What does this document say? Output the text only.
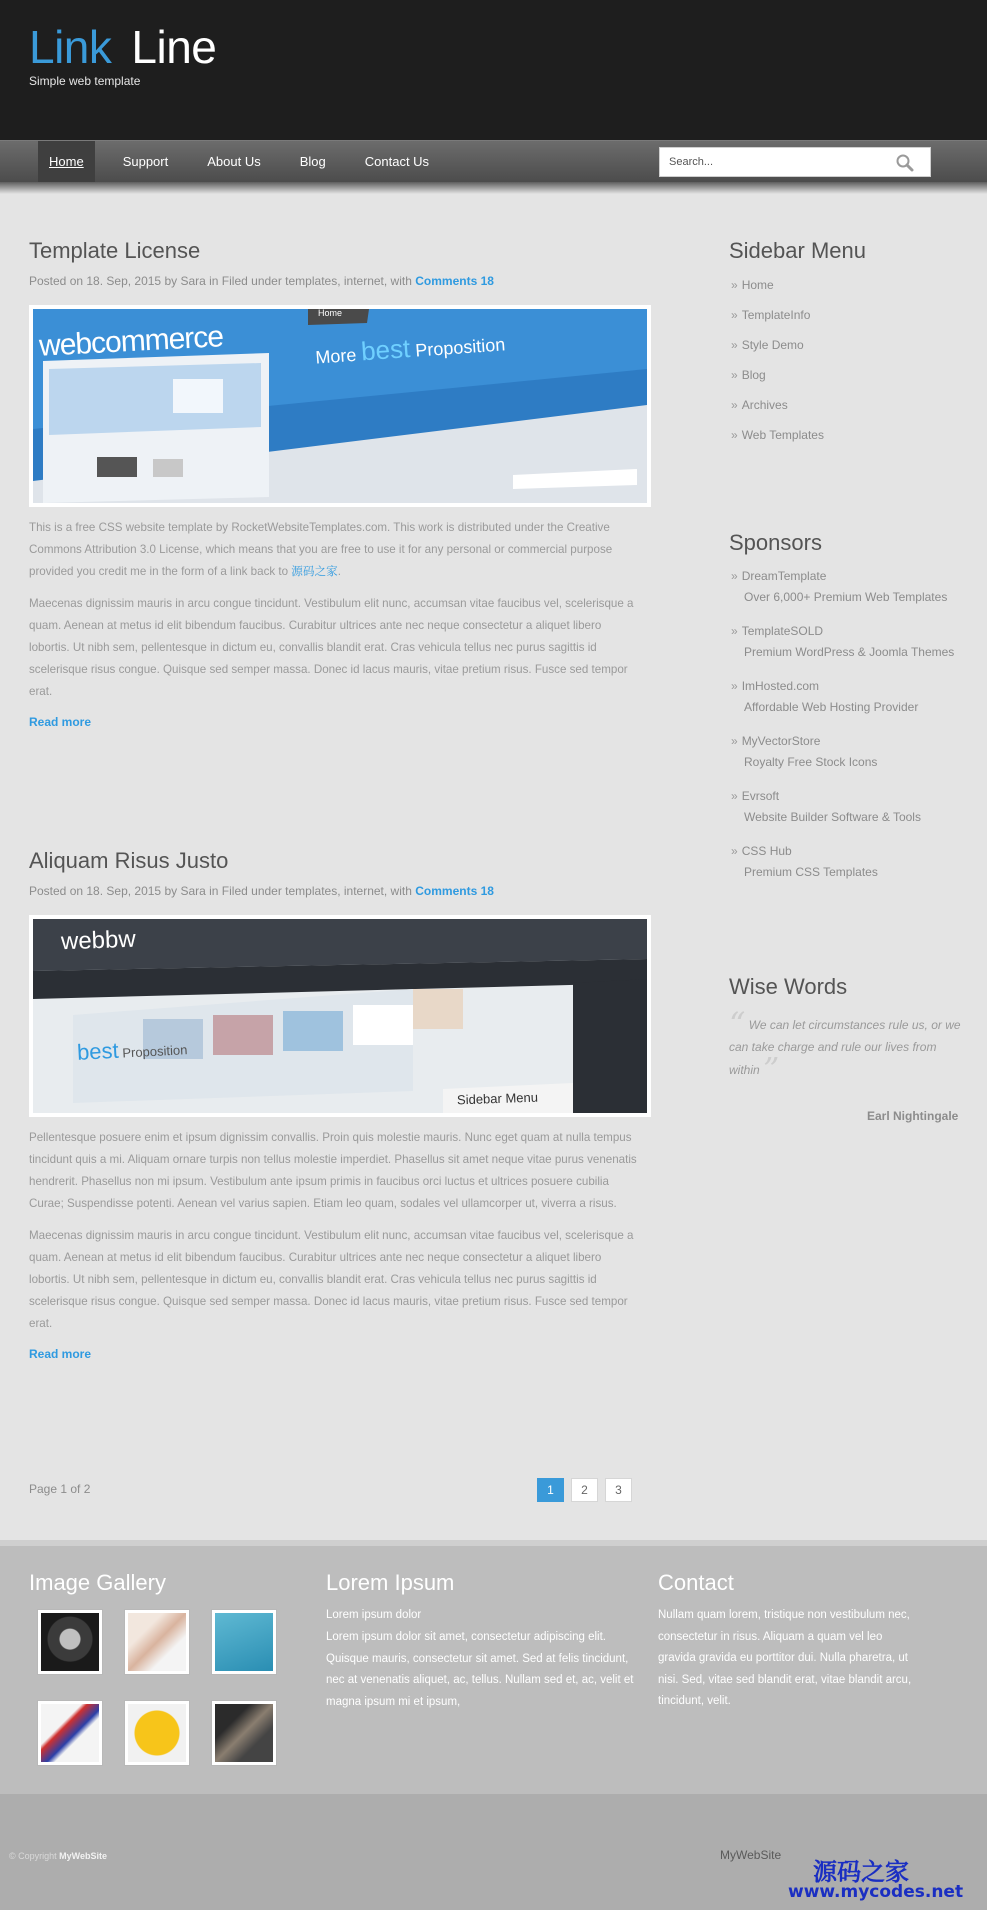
Link Line
Simple web template
Home	Support	About Us	Blog	Contact Us
Search...
Template License
Posted on 18. Sep, 2015 by Sara in Filed under templates, internet, with Comments 18
webcommerce
Home
More best Proposition
This is a free CSS website template by RocketWebsiteTemplates.com. This work is distributed under the Creative Commons Attribution 3.0 License, which means that you are free to use it for any personal or commercial purpose provided you credit me in the form of a link back to 源码之家.
Maecenas dignissim mauris in arcu congue tincidunt. Vestibulum elit nunc, accumsan vitae faucibus vel, scelerisque a quam. Aenean at metus id elit bibendum faucibus. Curabitur ultrices ante nec neque consectetur a aliquet libero lobortis. Ut nibh sem, pellentesque in dictum eu, convallis blandit erat. Cras vehicula tellus nec purus sagittis id scelerisque risus congue. Quisque sed semper massa. Donec id lacus mauris, vitae pretium risus. Fusce sed tempor erat.
Read more
Aliquam Risus Justo
Posted on 18. Sep, 2015 by Sara in Filed under templates, internet, with Comments 18
webbw
best Proposition
Sidebar Menu
Pellentesque posuere enim et ipsum dignissim convallis. Proin quis molestie mauris. Nunc eget quam at nulla tempus tincidunt quis a mi. Aliquam ornare turpis non tellus molestie imperdiet. Phasellus sit amet neque vitae purus venenatis hendrerit. Phasellus non mi ipsum. Vestibulum ante ipsum primis in faucibus orci luctus et ultrices posuere cubilia Curae; Suspendisse potenti. Aenean vel varius sapien. Etiam leo quam, sodales vel ullamcorper ut, viverra a risus.
Maecenas dignissim mauris in arcu congue tincidunt. Vestibulum elit nunc, accumsan vitae faucibus vel, scelerisque a quam. Aenean at metus id elit bibendum faucibus. Curabitur ultrices ante nec neque consectetur a aliquet libero lobortis. Ut nibh sem, pellentesque in dictum eu, convallis blandit erat. Cras vehicula tellus nec purus sagittis id scelerisque risus congue. Quisque sed semper massa. Donec id lacus mauris, vitae pretium risus. Fusce sed tempor erat.
Read more
Page 1 of 2	1	2	3
Sidebar Menu
» Home
» TemplateInfo
» Style Demo
» Blog
» Archives
» Web Templates
Sponsors
» DreamTemplate
Over 6,000+ Premium Web Templates
» TemplateSOLD
Premium WordPress & Joomla Themes
» ImHosted.com
Affordable Web Hosting Provider
» MyVectorStore
Royalty Free Stock Icons
» Evrsoft
Website Builder Software & Tools
» CSS Hub
Premium CSS Templates
Wise Words
“ We can let circumstances rule us, or we can take charge and rule our lives from within ”
Earl Nightingale
Image Gallery	Lorem Ipsum
Lorem ipsum dolor
Lorem ipsum dolor sit amet, consectetur adipiscing elit. Quisque mauris, consectetur sit amet. Sed at felis tincidunt, nec at venenatis aliquet, ac, tellus. Nullam sed et, ac, velit et magna ipsum mi et ipsum,
Contact
Nullam quam lorem, tristique non vestibulum nec, consectetur in risus. Aliquam a quam vel leo gravida gravida eu porttitor dui. Nulla pharetra, ut nisi. Sed, vitae sed blandit erat, vitae blandit arcu, tincidunt, velit.
© Copyright MyWebSite	MyWebSite
源码之家
www.mycodes.net
